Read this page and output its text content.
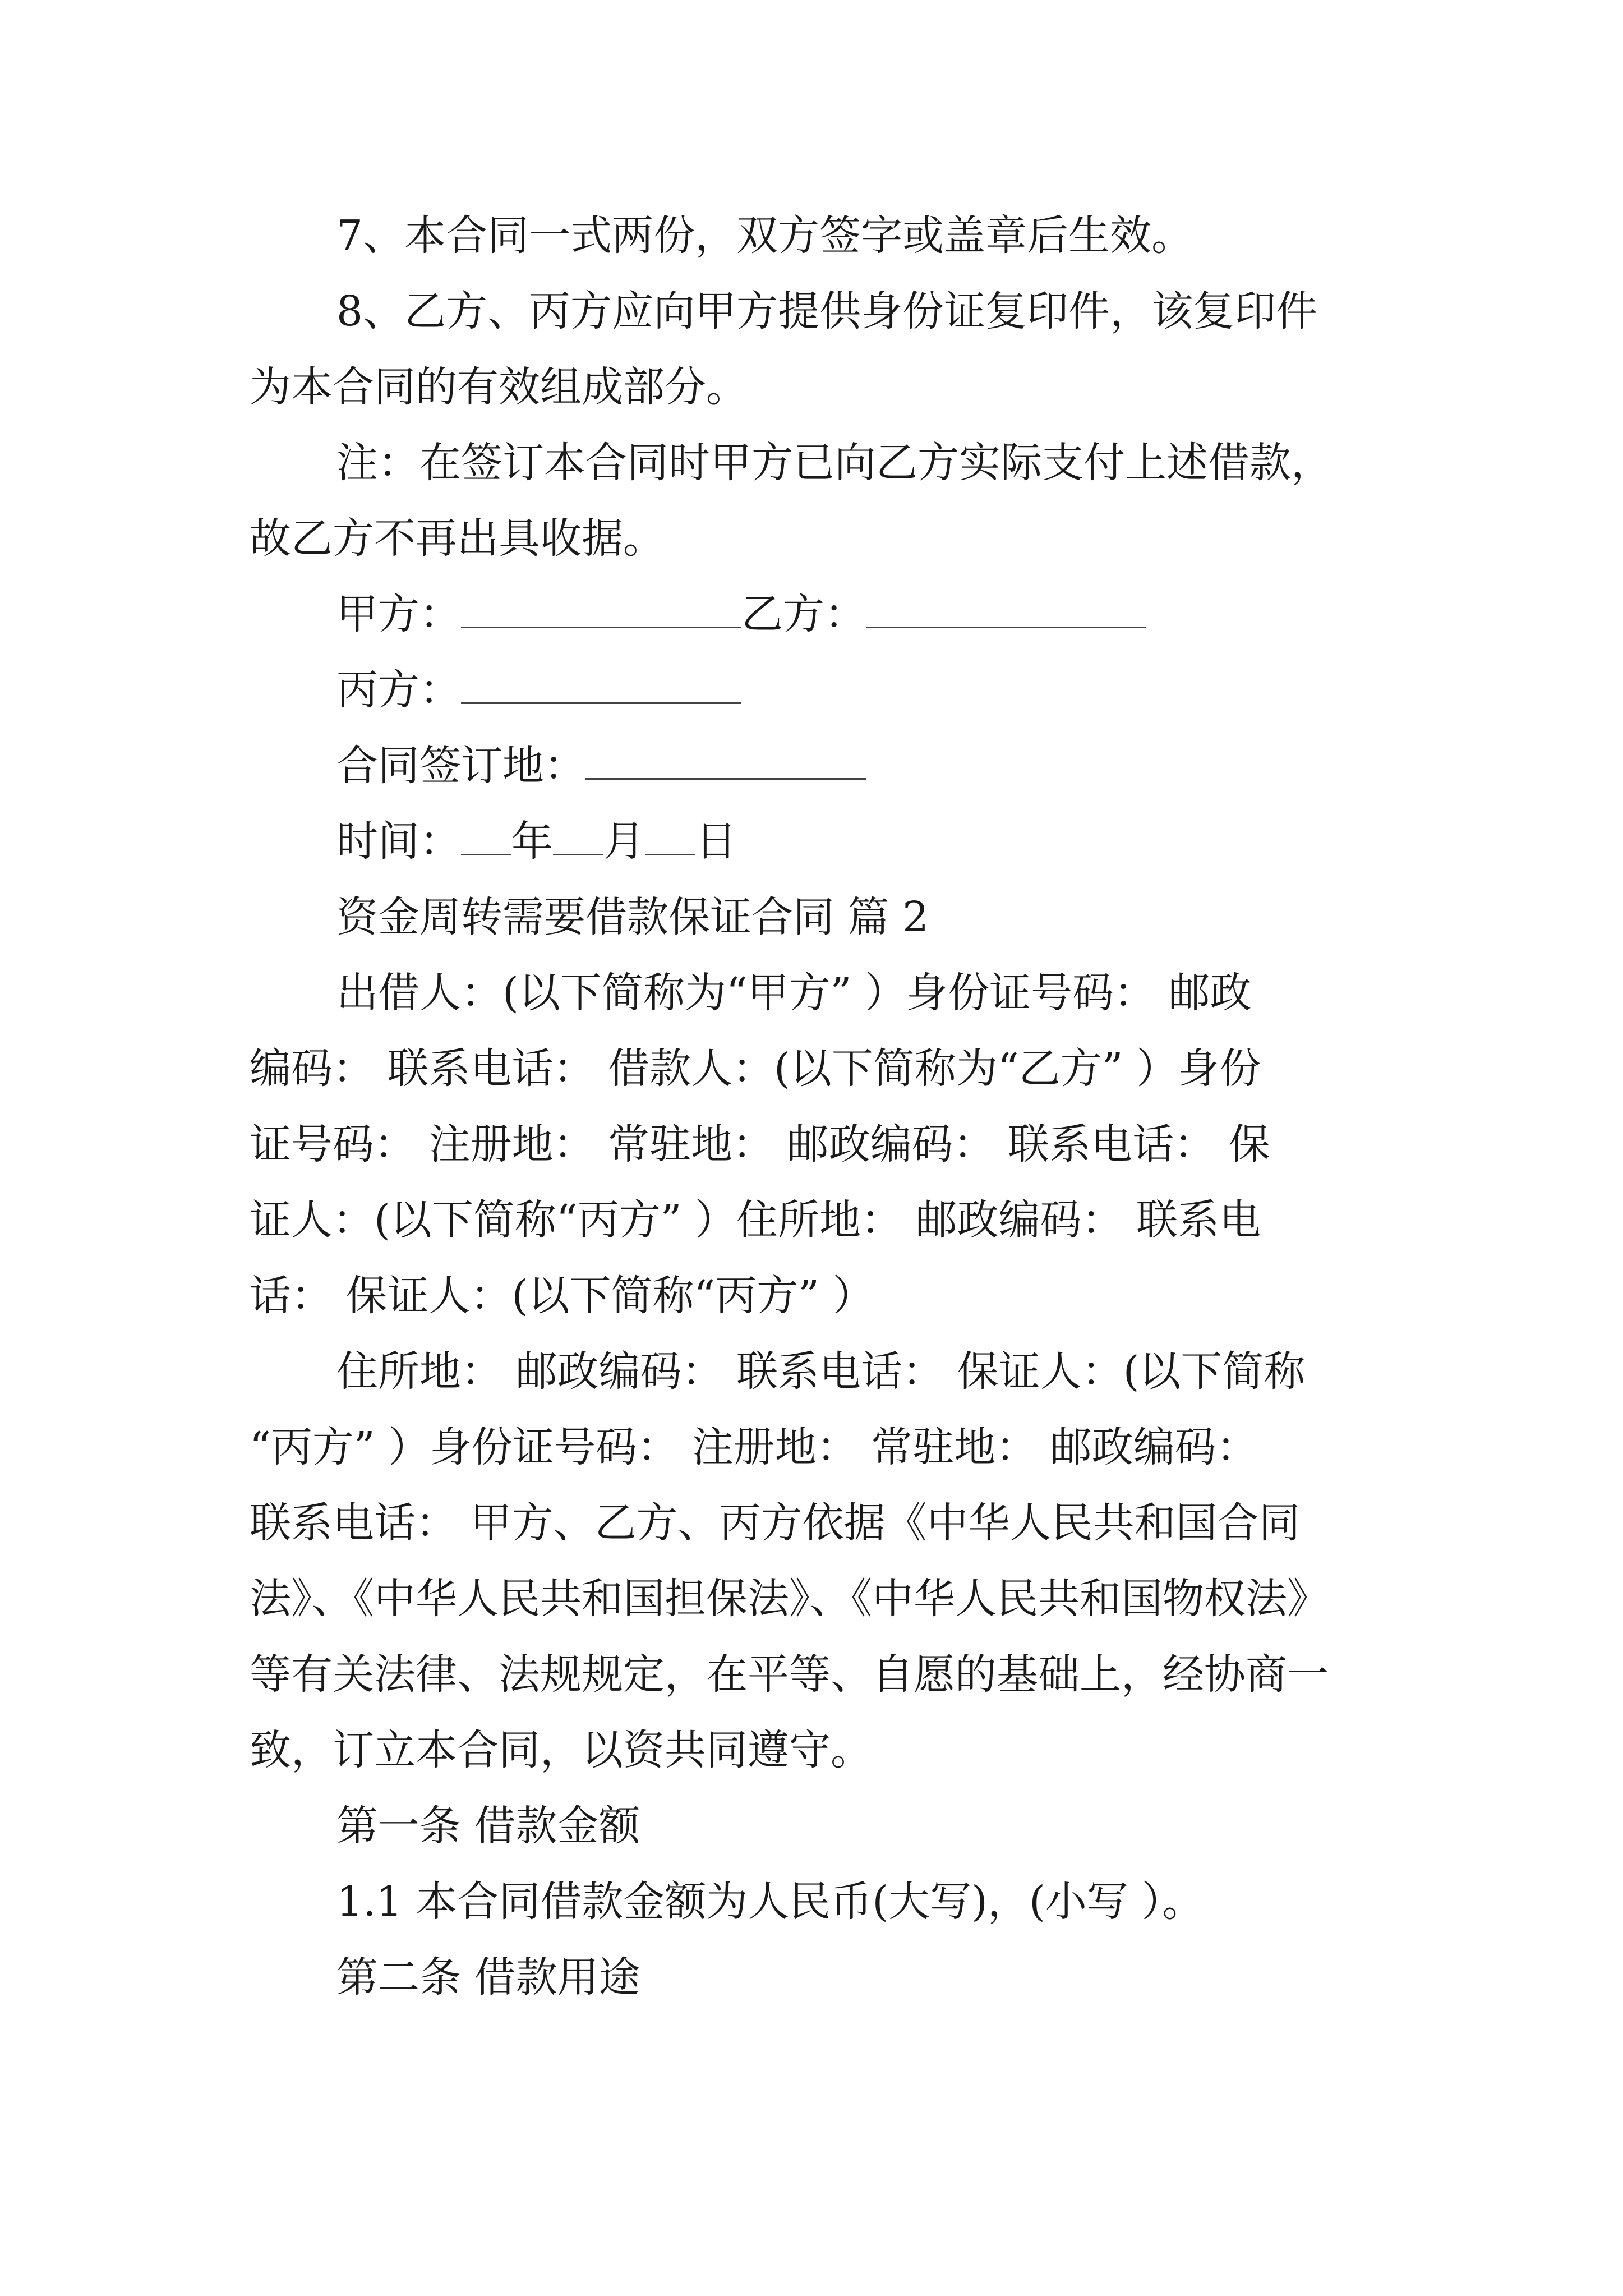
7、本合同一式两份，双方签字或盖章后生效。
8、乙方、丙方应向甲方提供身份证复印件，该复印件
为本合同的有效组成部分。
注：在签订本合同时甲方已向乙方实际支付上述借款，
故乙方不再出具收据。
甲方：	乙方：
丙方：
合同签订地：
时间： 年 月 日
资金周转需要借款保证合同 篇 2
出借人：(以下简称为“甲方” ）身份证号码： 邮政
编码： 联系电话： 借款人：(以下简称为“乙方” ）身份
证号码： 注册地： 常驻地： 邮政编码： 联系电话： 保
证人：(以下简称“丙方” ）住所地： 邮政编码： 联系电
话： 保证人：(以下简称“丙方” ）
住所地： 邮政编码： 联系电话： 保证人：(以下简称
“丙方” ）身份证号码： 注册地： 常驻地： 邮政编码：
联系电话： 甲方、乙方、丙方依据《中华人民共和国合同
法》、《中华人民共和国担保法》、《中华人民共和国物权法》
等有关法律、法规规定，在平等、自愿的基础上，经协商一
致，订立本合同，以资共同遵守。
第一条 借款金额
1.1 本合同借款金额为人民币(大写)，(小写 ）。
第二条 借款用途
